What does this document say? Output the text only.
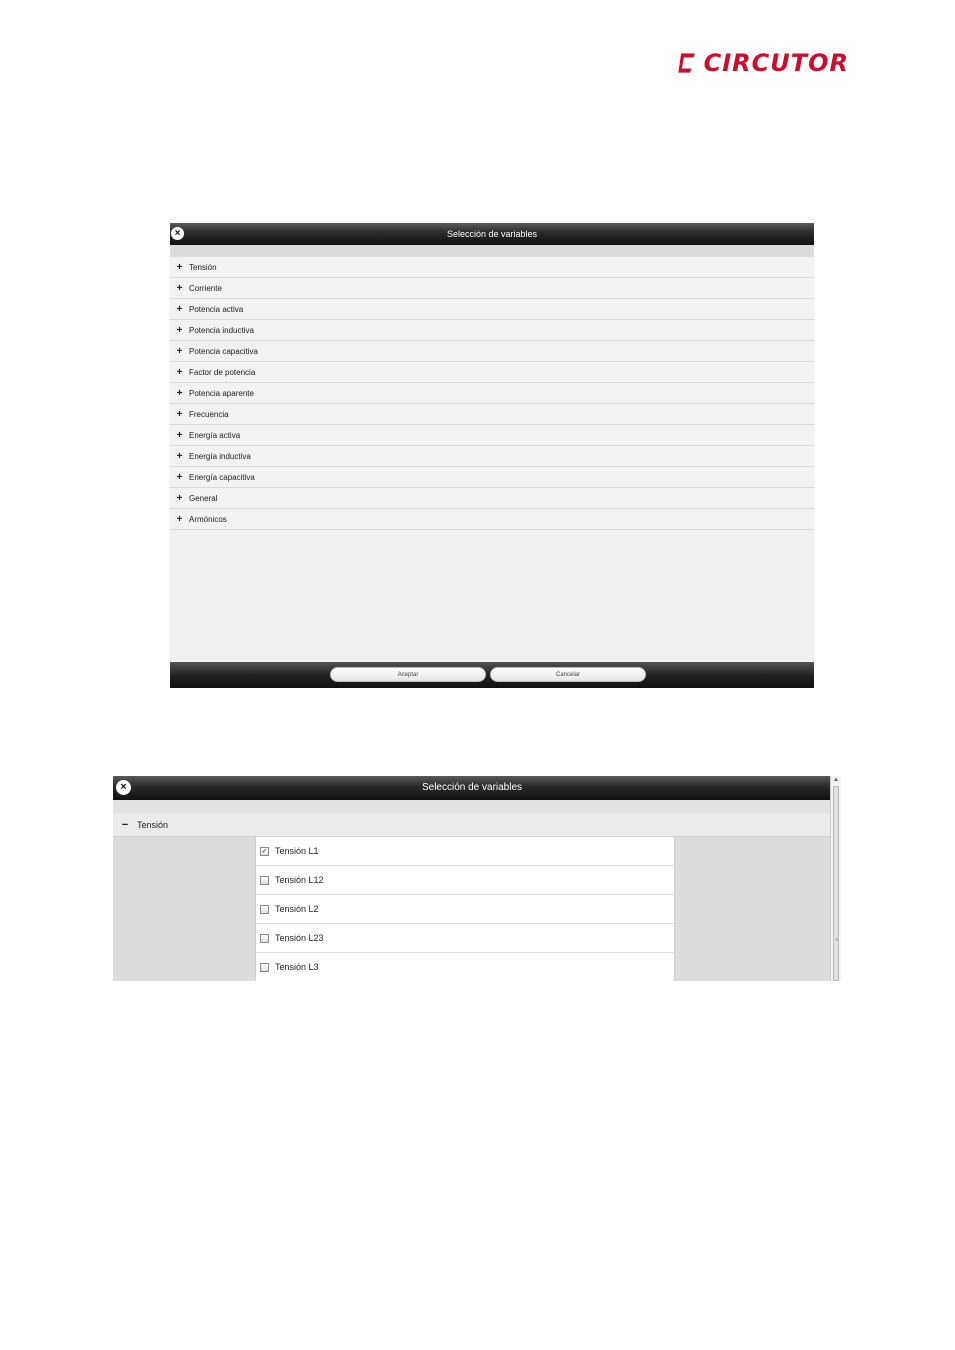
CIRCUTOR
×	Selección de variables
+ Tensión
+ Corriente
+ Potencia activa
+ Potencia inductiva
+ Potencia capacitiva
+ Factor de potencia
+ Potencia aparente
+ Frecuencia
+ Energía activa
+ Energía inductiva
+ Energía capacitiva
+ General
+ Armónicos
Aceptar	Cancelar
×	Selección de variables
− Tensión
✓ Tensión L1
Tensión L12
Tensión L2
Tensión L23
Tensión L3
▲
≡
